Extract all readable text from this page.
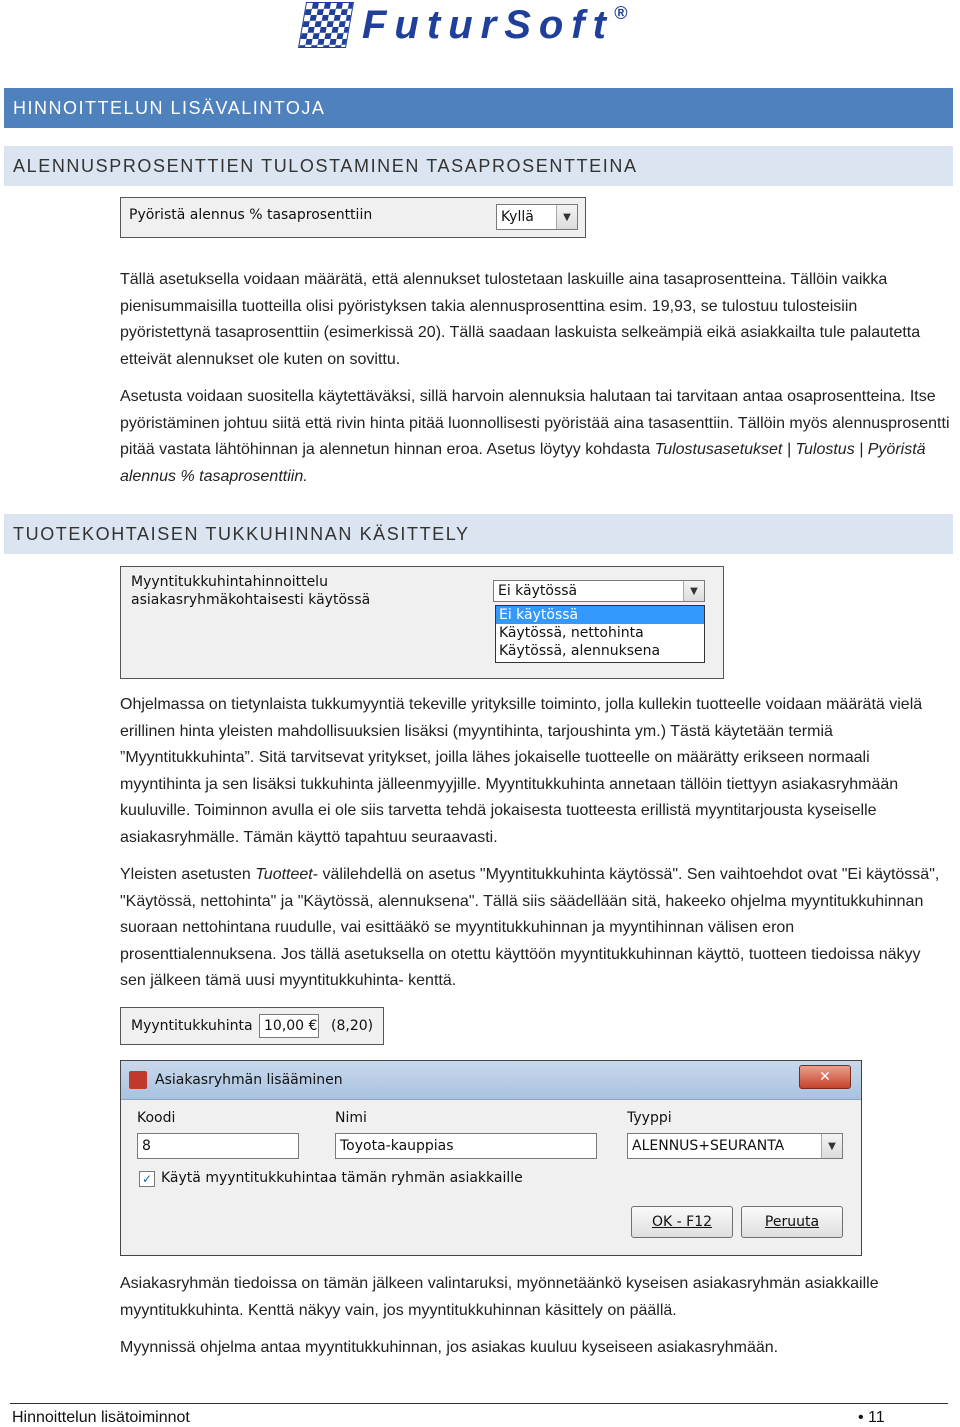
FuturSoft®
HINNOITTELUN LISÄVALINTOJA
ALENNUSPROSENTTIEN TULOSTAMINEN TASAPROSENTTEINA
Pyöristä alennus % tasaprosenttiin	Kyllä	▼

Tällä asetuksella voidaan määrätä, että alennukset tulostetaan laskuille aina tasaprosentteina. Tällöin vaikka pienisummaisilla tuotteilla olisi pyöristyksen takia alennusprosenttina esim. 19,93, se tulostuu tulosteisiin pyöristettynä tasaprosenttiin (esimerkissä 20). Tällä saadaan laskuista selkeämpiä eikä asiakkailta tule palautetta etteivät alennukset ole kuten on sovittu.

Asetusta voidaan suositella käytettäväksi, sillä harvoin alennuksia halutaan tai tarvitaan antaa osaprosentteina. Itse pyöristäminen johtuu siitä että rivin hinta pitää luonnollisesti pyöristää aina tasasenttiin. Tällöin myös alennusprosentti pitää vastata lähtöhinnan ja alennetun hinnan eroa. Asetus löytyy kohdasta Tulostusasetukset | Tulostus | Pyöristä alennus % tasaprosenttiin.

TUOTEKOHTAISEN TUKKUHINNAN KÄSITTELY
Myyntitukkuhintahinnoittelu asiakasryhmäkohtaisesti käytössä
Ei käytössä	▼
Ei käytössä
Käytössä, nettohinta
Käytössä, alennuksena

Ohjelmassa on tietynlaista tukkumyyntiä tekeville yrityksille toiminto, jolla kullekin tuotteelle voidaan määrätä vielä erillinen hinta yleisten mahdollisuuksien lisäksi (myyntihinta, tarjoushinta ym.) Tästä käytetään termiä ”Myyntitukkuhinta”. Sitä tarvitsevat yritykset, joilla lähes jokaiselle tuotteelle on määrätty erikseen normaali myyntihinta ja sen lisäksi tukkuhinta jälleenmyyjille. Myyntitukkuhinta annetaan tällöin tiettyyn asiakasryhmään kuuluville. Toiminnon avulla ei ole siis tarvetta tehdä jokaisesta tuotteesta erillistä myyntitarjousta kyseiselle asiakasryhmälle. Tämän käyttö tapahtuu seuraavasti.

Yleisten asetusten Tuotteet- välilehdellä on asetus "Myyntitukkuhinta käytössä". Sen vaihtoehdot ovat "Ei käytössä", "Käytössä, nettohinta" ja "Käytössä, alennuksena". Tällä siis säädellään sitä, hakeeko ohjelma myyntitukkuhinnan suoraan nettohintana ruudulle, vai esittääkö se myyntitukkuhinnan ja myyntihinnan välisen eron prosenttialennuksena. Jos tällä asetuksella on otettu käyttöön myyntitukkuhinnan käyttö, tuotteen tiedoissa näkyy sen jälkeen tämä uusi myyntitukkuhinta- kenttä.

Myyntitukkuhinta 10,00 € (8,20)
Asiakasryhmän lisääminen	✕
Koodi	Nimi	Tyyppi
8	Toyota-kauppias	ALENNUS+SEURANTA	▼
✓ Käytä myyntitukkuhintaa tämän ryhmän asiakkaille
OK - F12	Peruuta

Asiakasryhmän tiedoissa on tämän jälkeen valintaruksi, myönnetäänkö kyseisen asiakasryhmän asiakkaille myyntitukkuhinta. Kenttä näkyy vain, jos myyntitukkuhinnan käsittely on päällä.

Myynnissä ohjelma antaa myyntitukkuhinnan, jos asiakas kuuluu kyseiseen asiakasryhmään.

Hinnoittelun lisätoiminnot	• 11
